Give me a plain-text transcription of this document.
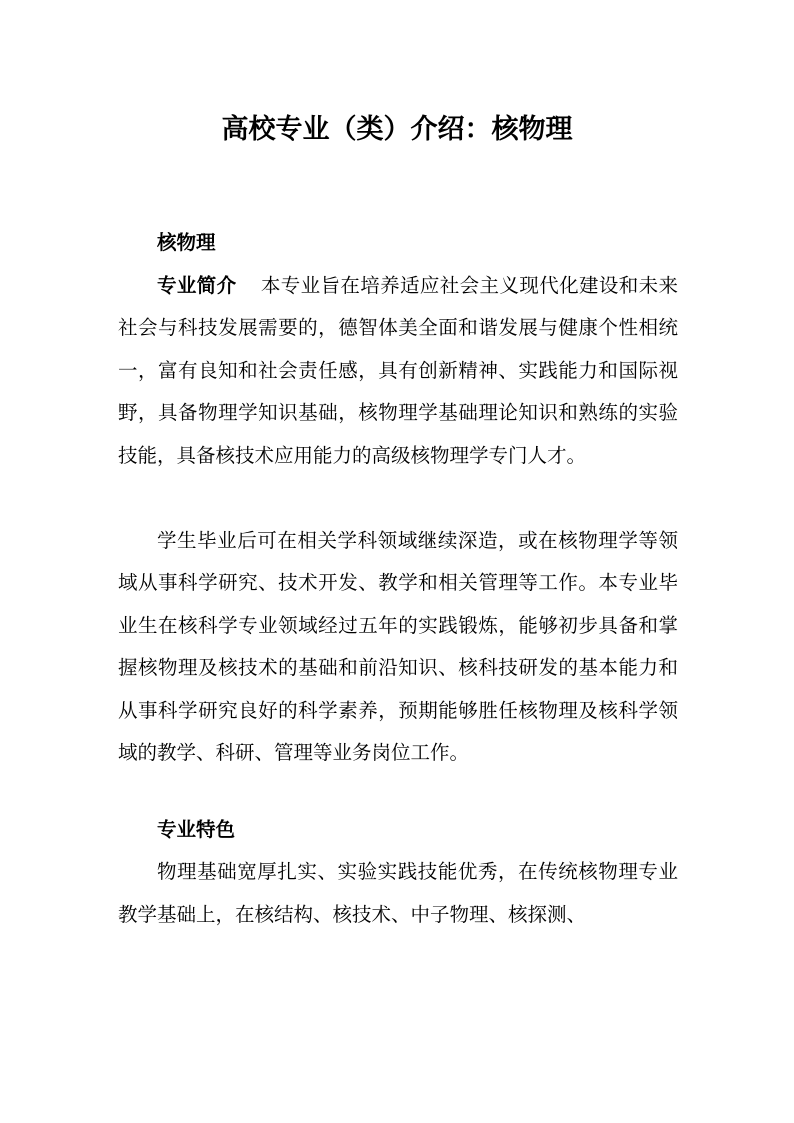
高校专业（类）介绍：核物理

核物理

专业简介 本专业旨在培养适应社会主义现代化建设和未来社会与科技发展需要的，德智体美全面和谐发展与健康个性相统一，富有良知和社会责任感，具有创新精神、实践能力和国际视野，具备物理学知识基础，核物理学基础理论知识和熟练的实验技能，具备核技术应用能力的高级核物理学专门人才。

学生毕业后可在相关学科领域继续深造，或在核物理学等领域从事科学研究、技术开发、教学和相关管理等工作。本专业毕业生在核科学专业领域经过五年的实践锻炼，能够初步具备和掌握核物理及核技术的基础和前沿知识、核科技研发的基本能力和从事科学研究良好的科学素养，预期能够胜任核物理及核科学领域的教学、科研、管理等业务岗位工作。

专业特色

物理基础宽厚扎实、实验实践技能优秀，在传统核物理专业教学基础上，在核结构、核技术、中子物理、核探测、
